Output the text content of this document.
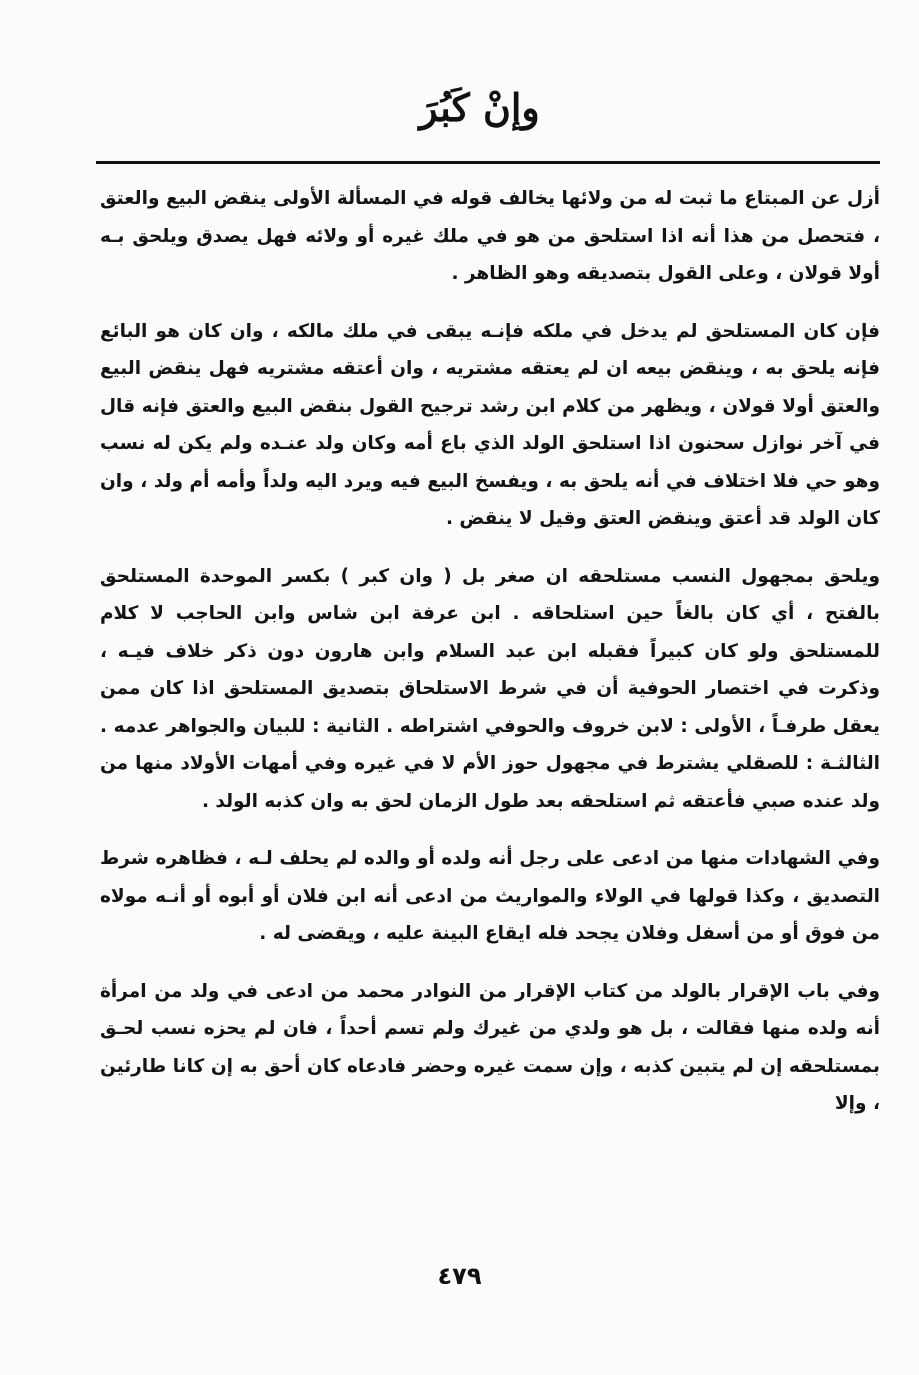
وإنْ كَبُرَ

أزل عن المبتاع ما ثبت له من ولائها يخالف قوله في المسألة الأولى ينقض البيع والعتق ، فتحصل من هذا أنه اذا استلحق من هو في ملك غيره أو ولائه فهل يصدق ويلحق بـه أولا قولان ، وعلى القول بتصديقه وهو الظاهر .

فإن كان المستلحق لم يدخل في ملكه فإنـه يبقى في ملك مالكه ، وان كان هو البائع فإنه يلحق به ، وينقض بيعه ان لم يعتقه مشتريه ، وان أعتقه مشتريه فهل ينقض البيع والعتق أولا قولان ، ويظهر من كلام ابن رشد ترجيح القول بنقض البيع والعتق فإنه قال في آخر نوازل سحنون اذا استلحق الولد الذي باع أمه وكان ولد عنـده ولم يكن له نسب وهو حي فلا اختلاف في أنه يلحق به ، ويفسخ البيع فيه ويرد اليه ولداً وأمه أم ولد ، وان كان الولد قد أعتق وينقض العتق وقيل لا ينقض .

ويلحق بمجهول النسب مستلحقه ان صغر بل ( وان كبر ) بكسر الموحدة المستلحق بالفتح ، أي كان بالغاً حين استلحاقه . ابن عرفة ابن شاس وابن الحاجب لا كلام للمستلحق ولو كان كبيراً فقبله ابن عبد السلام وابن هارون دون ذكر خلاف فيـه ، وذكرت في اختصار الحوفية أن في شرط الاستلحاق بتصديق المستلحق اذا كان ممن يعقل طرفـاً ، الأولى : لابن خروف والحوفي اشتراطه . الثانية : للبيان والجواهر عدمه . الثالثـة : للصقلي يشترط في مجهول حوز الأم لا في غيره وفي أمهات الأولاد منها من ولد عنده صبي فأعتقه ثم استلحقه بعد طول الزمان لحق به وان كذبه الولد .

وفي الشهادات منها من ادعى على رجل أنه ولده أو والده لم يحلف لـه ، فظاهره شرط التصديق ، وكذا قولها في الولاء والمواريث من ادعى أنه ابن فلان أو أبوه أو أنـه مولاه من فوق أو من أسفل وفلان يجحد فله ايقاع البينة عليه ، ويقضى له .

وفي باب الإقرار بالولد من كتاب الإقرار من النوادر محمد من ادعى في ولد من امرأة أنه ولده منها فقالت ، بل هو ولدي من غيرك ولم تسم أحداً ، فان لم يحزه نسب لحـق بمستلحقه إن لم يتبين كذبه ، وإن سمت غيره وحضر فادعاه كان أحق به إن كانا طارئين ، وإلا

٤٧٩
